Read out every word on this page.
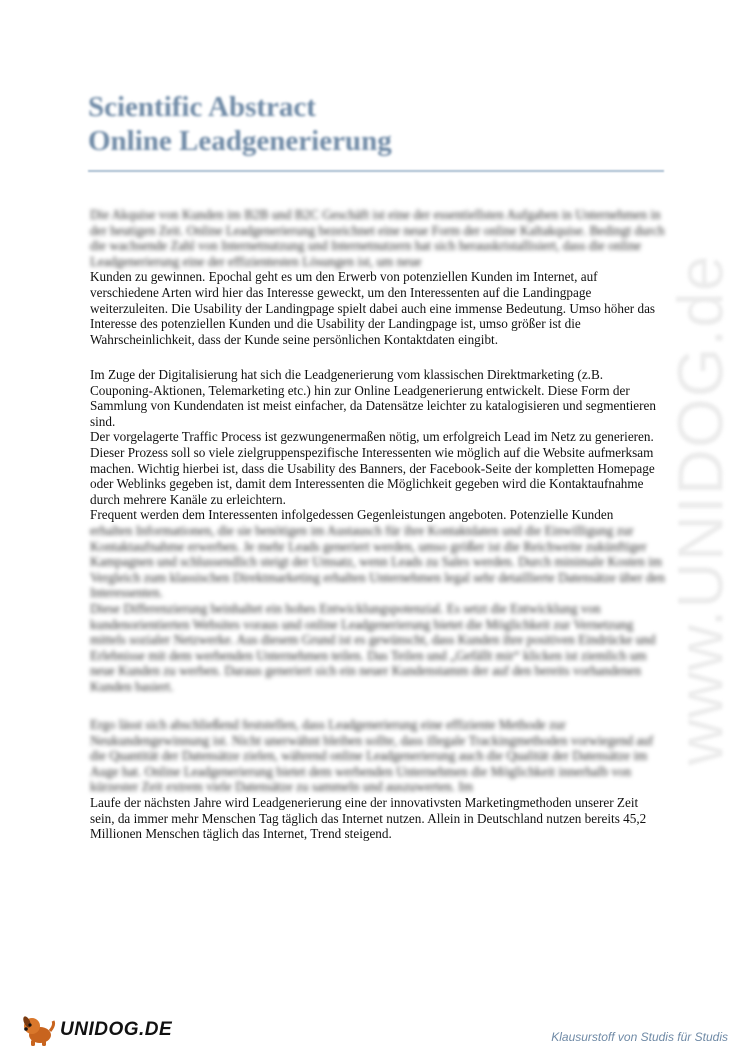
Scientific Abstract

Online Leadgenerierung

Die Akquise von Kunden im B2B und B2C Geschäft ist eine der essentiellsten Aufgaben in Unternehmen in der heutigen Zeit. Online Leadgenerierung bezeichnet eine neue Form der online Kaltakquise. Bedingt durch die wachsende Zahl von Internetnutzung und Internetnutzern hat sich herauskristallisiert, dass die online Leadgenerierung eine der effizientesten Lösungen ist, um neue

Kunden zu gewinnen. Epochal geht es um den Erwerb von potenziellen Kunden im Internet, auf verschiedene Arten wird hier das Interesse geweckt, um den Interessenten auf die Landingpage weiterzuleiten. Die Usability der Landingpage spielt dabei auch eine immense Bedeutung. Umso höher das Interesse des potenziellen Kunden und die Usability der Landingpage ist, umso größer ist die Wahrscheinlichkeit, dass der Kunde seine persönlichen Kontaktdaten eingibt.

Im Zuge der Digitalisierung hat sich die Leadgenerierung vom klassischen Direktmarketing (z.B. Couponing-Aktionen, Telemarketing etc.) hin zur Online Leadgenerierung entwickelt. Diese Form der Sammlung von Kundendaten ist meist einfacher, da Datensätze leichter zu katalogisieren und segmentieren sind.

Der vorgelagerte Traffic Process ist gezwungenermaßen nötig, um erfolgreich Lead im Netz zu generieren. Dieser Prozess soll so viele zielgruppenspezifische Interessenten wie möglich auf die Website aufmerksam machen. Wichtig hierbei ist, dass die Usability des Banners, der Facebook-Seite der kompletten Homepage oder Weblinks gegeben ist, damit dem Interessenten die Möglichkeit gegeben wird die Kontaktaufnahme durch mehrere Kanäle zu erleichtern.

Frequent werden dem Interessenten infolgedessen Gegenleistungen angeboten. Potenzielle Kunden

erhalten Informationen, die sie benötigen im Austausch für ihre Kontaktdaten und die Einwilligung zur Kontaktaufnahme erwerben. Je mehr Leads generiert werden, umso größer ist die Reichweite zukünftiger Kampagnen und schlussendlich steigt der Umsatz, wenn Leads zu Sales werden. Durch minimale Kosten im Vergleich zum klassischen Direktmarketing erhalten Unternehmen legal sehr detaillierte Datensätze über den Interessenten.

Diese Differenzierung beinhaltet ein hohes Entwicklungspotenzial. Es setzt die Entwicklung von kundenorientierten Websites voraus und online Leadgenerierung bietet die Möglichkeit zur Vernetzung mittels sozialer Netzwerke. Aus diesem Grund ist es gewünscht, dass Kunden ihre positiven Eindrücke und Erlebnisse mit dem werbenden Unternehmen teilen. Das Teilen und „Gefällt mir“ klicken ist ziemlich um neue Kunden zu werben. Daraus generiert sich ein neuer Kundenstamm der auf den bereits vorhandenen Kunden basiert.

Ergo lässt sich abschließend feststellen, dass Leadgenerierung eine effiziente Methode zur Neukundengewinnung ist. Nicht unerwähnt bleiben sollte, dass illegale Trackingmethoden vorwiegend auf die Quantität der Datensätze zielen, während online Leadgenerierung auch die Qualität der Datensätze im Auge hat. Online Leadgenerierung bietet dem werbenden Unternehmen die Möglichkeit innerhalb von kürzester Zeit extrem viele Datensätze zu sammeln und auszuwerten. Im

Laufe der nächsten Jahre wird Leadgenerierung eine der innovativsten Marketingmethoden unserer Zeit sein, da immer mehr Menschen Tag täglich das Internet nutzen. Allein in Deutschland nutzen bereits 45,2 Millionen Menschen täglich das Internet, Trend steigend.

www.UNIDOG.de
UNIDOG.DE	Klausurstoff von Studis für Studis
